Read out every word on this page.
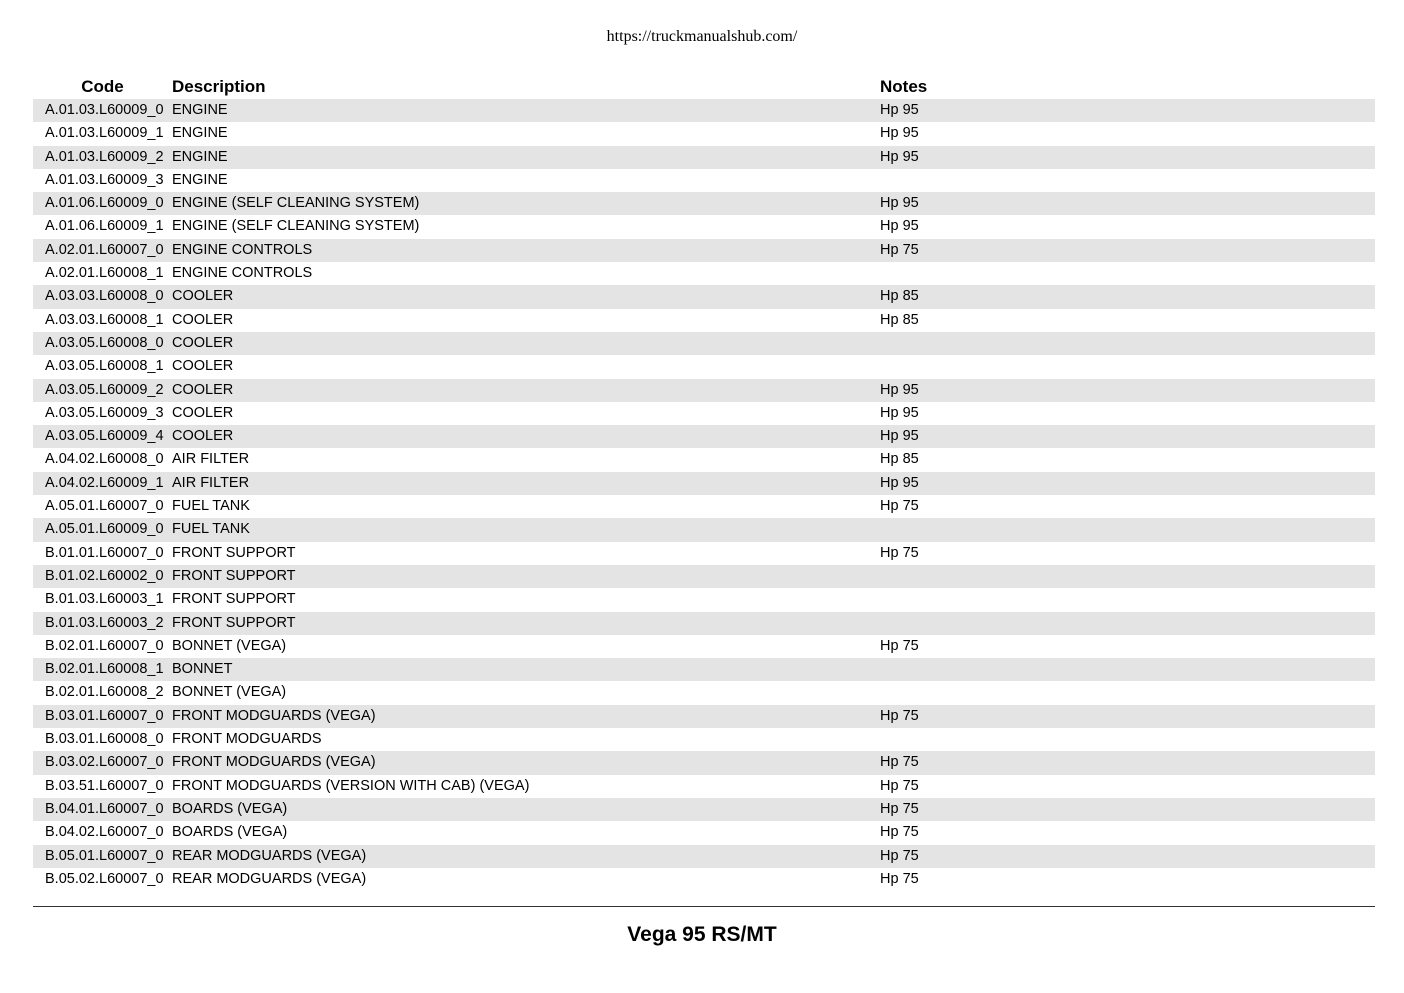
https://truckmanualshub.com/
Code	Description	Notes
A.01.03.L60009_0 ENGINE	Hp 95
A.01.03.L60009_1 ENGINE	Hp 95
A.01.03.L60009_2 ENGINE	Hp 95
A.01.03.L60009_3 ENGINE
A.01.06.L60009_0 ENGINE (SELF CLEANING SYSTEM)	Hp 95
A.01.06.L60009_1 ENGINE (SELF CLEANING SYSTEM)	Hp 95
A.02.01.L60007_0 ENGINE CONTROLS	Hp 75
A.02.01.L60008_1 ENGINE CONTROLS
A.03.03.L60008_0 COOLER	Hp 85
A.03.03.L60008_1 COOLER	Hp 85
A.03.05.L60008_0 COOLER
A.03.05.L60008_1 COOLER
A.03.05.L60009_2 COOLER	Hp 95
A.03.05.L60009_3 COOLER	Hp 95
A.03.05.L60009_4 COOLER	Hp 95
A.04.02.L60008_0 AIR FILTER	Hp 85
A.04.02.L60009_1 AIR FILTER	Hp 95
A.05.01.L60007_0 FUEL TANK	Hp 75
A.05.01.L60009_0 FUEL TANK
B.01.01.L60007_0 FRONT SUPPORT	Hp 75
B.01.02.L60002_0 FRONT SUPPORT
B.01.03.L60003_1 FRONT SUPPORT
B.01.03.L60003_2 FRONT SUPPORT
B.02.01.L60007_0 BONNET (VEGA)	Hp 75
B.02.01.L60008_1 BONNET
B.02.01.L60008_2 BONNET (VEGA)
B.03.01.L60007_0 FRONT MODGUARDS (VEGA)	Hp 75
B.03.01.L60008_0 FRONT MODGUARDS
B.03.02.L60007_0 FRONT MODGUARDS (VEGA)	Hp 75
B.03.51.L60007_0 FRONT MODGUARDS (VERSION WITH CAB) (VEGA)	Hp 75
B.04.01.L60007_0 BOARDS (VEGA)	Hp 75
B.04.02.L60007_0 BOARDS (VEGA)	Hp 75
B.05.01.L60007_0 REAR MODGUARDS (VEGA)	Hp 75
B.05.02.L60007_0 REAR MODGUARDS (VEGA)	Hp 75
Vega 95 RS/MT
